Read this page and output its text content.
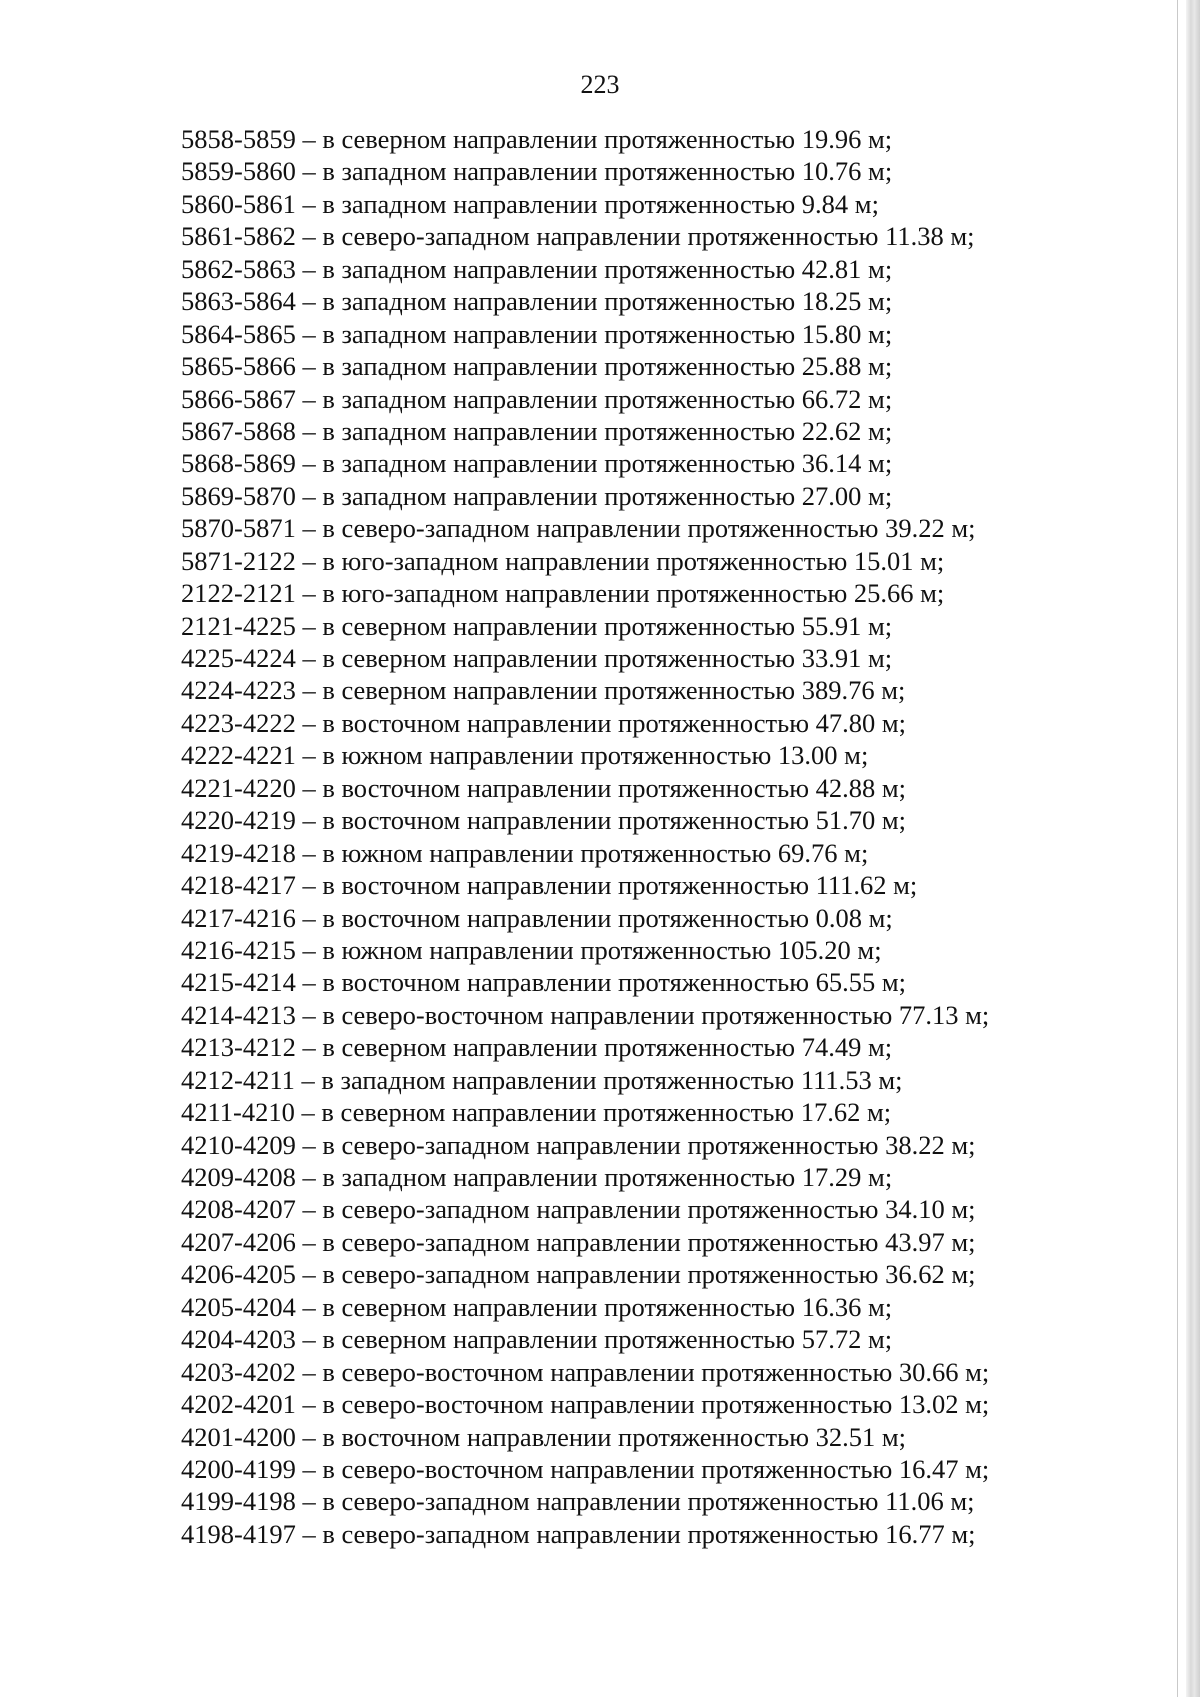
223
5858-5859 – в северном направлении протяженностью 19.96 м;
5859-5860 – в западном направлении протяженностью 10.76 м;
5860-5861 – в западном направлении протяженностью 9.84 м;
5861-5862 – в северо-западном направлении протяженностью 11.38 м;
5862-5863 – в западном направлении протяженностью 42.81 м;
5863-5864 – в западном направлении протяженностью 18.25 м;
5864-5865 – в западном направлении протяженностью 15.80 м;
5865-5866 – в западном направлении протяженностью 25.88 м;
5866-5867 – в западном направлении протяженностью 66.72 м;
5867-5868 – в западном направлении протяженностью 22.62 м;
5868-5869 – в западном направлении протяженностью 36.14 м;
5869-5870 – в западном направлении протяженностью 27.00 м;
5870-5871 – в северо-западном направлении протяженностью 39.22 м;
5871-2122 – в юго-западном направлении протяженностью 15.01 м;
2122-2121 – в юго-западном направлении протяженностью 25.66 м;
2121-4225 – в северном направлении протяженностью 55.91 м;
4225-4224 – в северном направлении протяженностью 33.91 м;
4224-4223 – в северном направлении протяженностью 389.76 м;
4223-4222 – в восточном направлении протяженностью 47.80 м;
4222-4221 – в южном направлении протяженностью 13.00 м;
4221-4220 – в восточном направлении протяженностью 42.88 м;
4220-4219 – в восточном направлении протяженностью 51.70 м;
4219-4218 – в южном направлении протяженностью 69.76 м;
4218-4217 – в восточном направлении протяженностью 111.62 м;
4217-4216 – в восточном направлении протяженностью 0.08 м;
4216-4215 – в южном направлении протяженностью 105.20 м;
4215-4214 – в восточном направлении протяженностью 65.55 м;
4214-4213 – в северо-восточном направлении протяженностью 77.13 м;
4213-4212 – в северном направлении протяженностью 74.49 м;
4212-4211 – в западном направлении протяженностью 111.53 м;
4211-4210 – в северном направлении протяженностью 17.62 м;
4210-4209 – в северо-западном направлении протяженностью 38.22 м;
4209-4208 – в западном направлении протяженностью 17.29 м;
4208-4207 – в северо-западном направлении протяженностью 34.10 м;
4207-4206 – в северо-западном направлении протяженностью 43.97 м;
4206-4205 – в северо-западном направлении протяженностью 36.62 м;
4205-4204 – в северном направлении протяженностью 16.36 м;
4204-4203 – в северном направлении протяженностью 57.72 м;
4203-4202 – в северо-восточном направлении протяженностью 30.66 м;
4202-4201 – в северо-восточном направлении протяженностью 13.02 м;
4201-4200 – в восточном направлении протяженностью 32.51 м;
4200-4199 – в северо-восточном направлении протяженностью 16.47 м;
4199-4198 – в северо-западном направлении протяженностью 11.06 м;
4198-4197 – в северо-западном направлении протяженностью 16.77 м;
